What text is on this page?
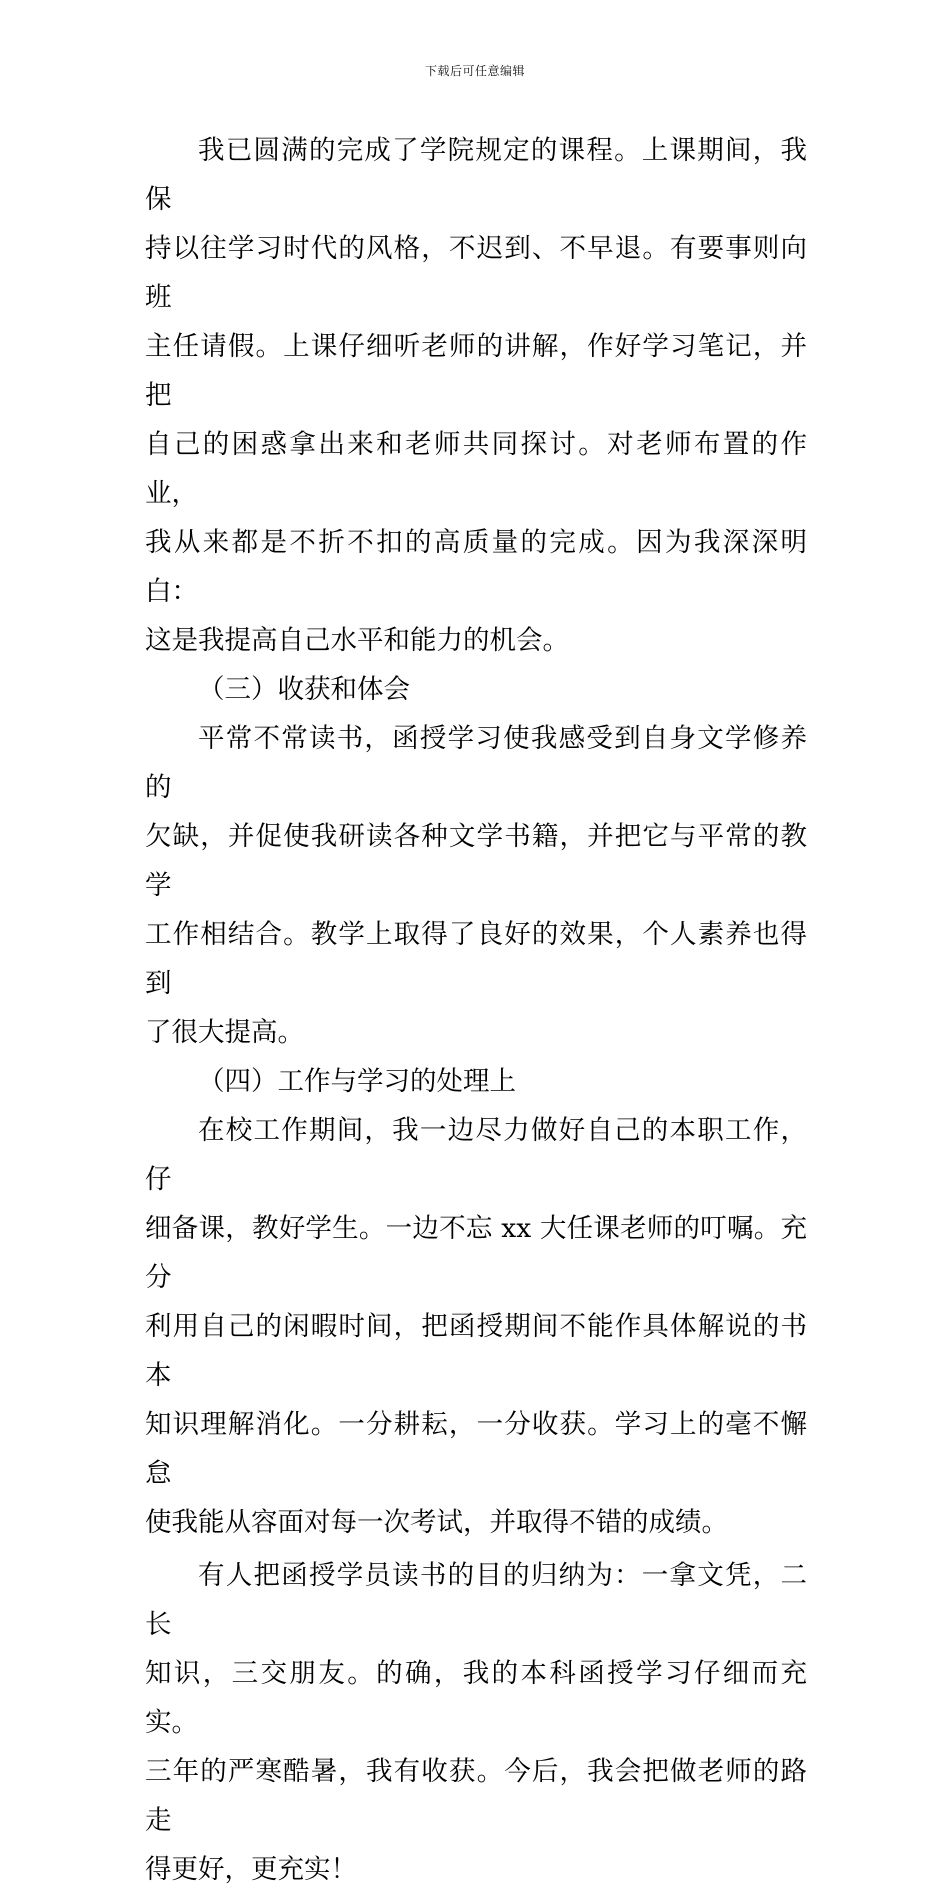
下载后可任意编辑

我已圆满的完成了学院规定的课程。上课期间，我保
持以往学习时代的风格，不迟到、不早退。有要事则向班
主任请假。上课仔细听老师的讲解，作好学习笔记，并把
自己的困惑拿出来和老师共同探讨。对老师布置的作业，
我从来都是不折不扣的高质量的完成。因为我深深明白：
这是我提高自己水平和能力的机会。

（三）收获和体会

平常不常读书，函授学习使我感受到自身文学修养的
欠缺，并促使我研读各种文学书籍，并把它与平常的教学
工作相结合。教学上取得了良好的效果，个人素养也得到
了很大提高。

（四）工作与学习的处理上

在校工作期间，我一边尽力做好自己的本职工作，仔
细备课，教好学生。一边不忘 xx 大任课老师的叮嘱。充分
利用自己的闲暇时间，把函授期间不能作具体解说的书本
知识理解消化。一分耕耘，一分收获。学习上的毫不懈怠
使我能从容面对每一次考试，并取得不错的成绩。

有人把函授学员读书的目的归纳为：一拿文凭，二长
知识，三交朋友。的确，我的本科函授学习仔细而充实。
三年的严寒酷暑，我有收获。今后，我会把做老师的路走
得更好，更充实！
